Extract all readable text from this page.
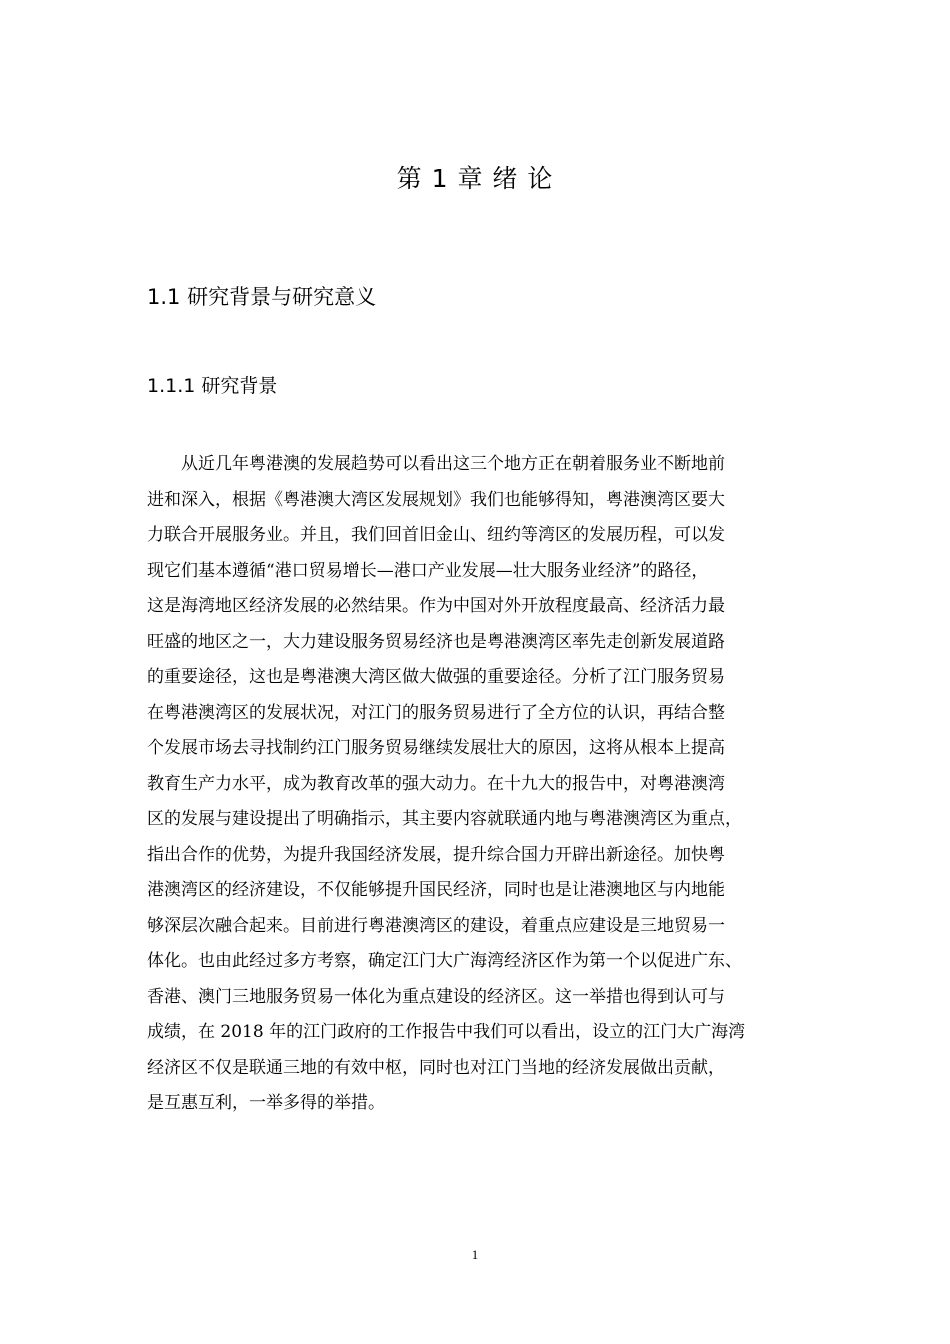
第 1 章 绪 论
1.1 研究背景与研究意义
1.1.1 研究背景
从近几年粤港澳的发展趋势可以看出这三个地方正在朝着服务业不断地前
进和深入，根据《粤港澳大湾区发展规划》我们也能够得知，粤港澳湾区要大
力联合开展服务业。并且，我们回首旧金山、纽约等湾区的发展历程，可以发
现它们基本遵循“港口贸易增长—港口产业发展—壮大服务业经济”的路径，
这是海湾地区经济发展的必然结果。作为中国对外开放程度最高、经济活力最
旺盛的地区之一，大力建设服务贸易经济也是粤港澳湾区率先走创新发展道路
的重要途径，这也是粤港澳大湾区做大做强的重要途径。分析了江门服务贸易
在粤港澳湾区的发展状况，对江门的服务贸易进行了全方位的认识，再结合整
个发展市场去寻找制约江门服务贸易继续发展壮大的原因，这将从根本上提高
教育生产力水平，成为教育改革的强大动力。在十九大的报告中，对粤港澳湾
区的发展与建设提出了明确指示，其主要内容就联通内地与粤港澳湾区为重点，
指出合作的优势，为提升我国经济发展，提升综合国力开辟出新途径。加快粤
港澳湾区的经济建设，不仅能够提升国民经济，同时也是让港澳地区与内地能
够深层次融合起来。目前进行粤港澳湾区的建设，着重点应建设是三地贸易一
体化。也由此经过多方考察，确定江门大广海湾经济区作为第一个以促进广东、
香港、澳门三地服务贸易一体化为重点建设的经济区。这一举措也得到认可与
成绩，在 2018 年的江门政府的工作报告中我们可以看出，设立的江门大广海湾
经济区不仅是联通三地的有效中枢，同时也对江门当地的经济发展做出贡献，
是互惠互利，一举多得的举措。
1
